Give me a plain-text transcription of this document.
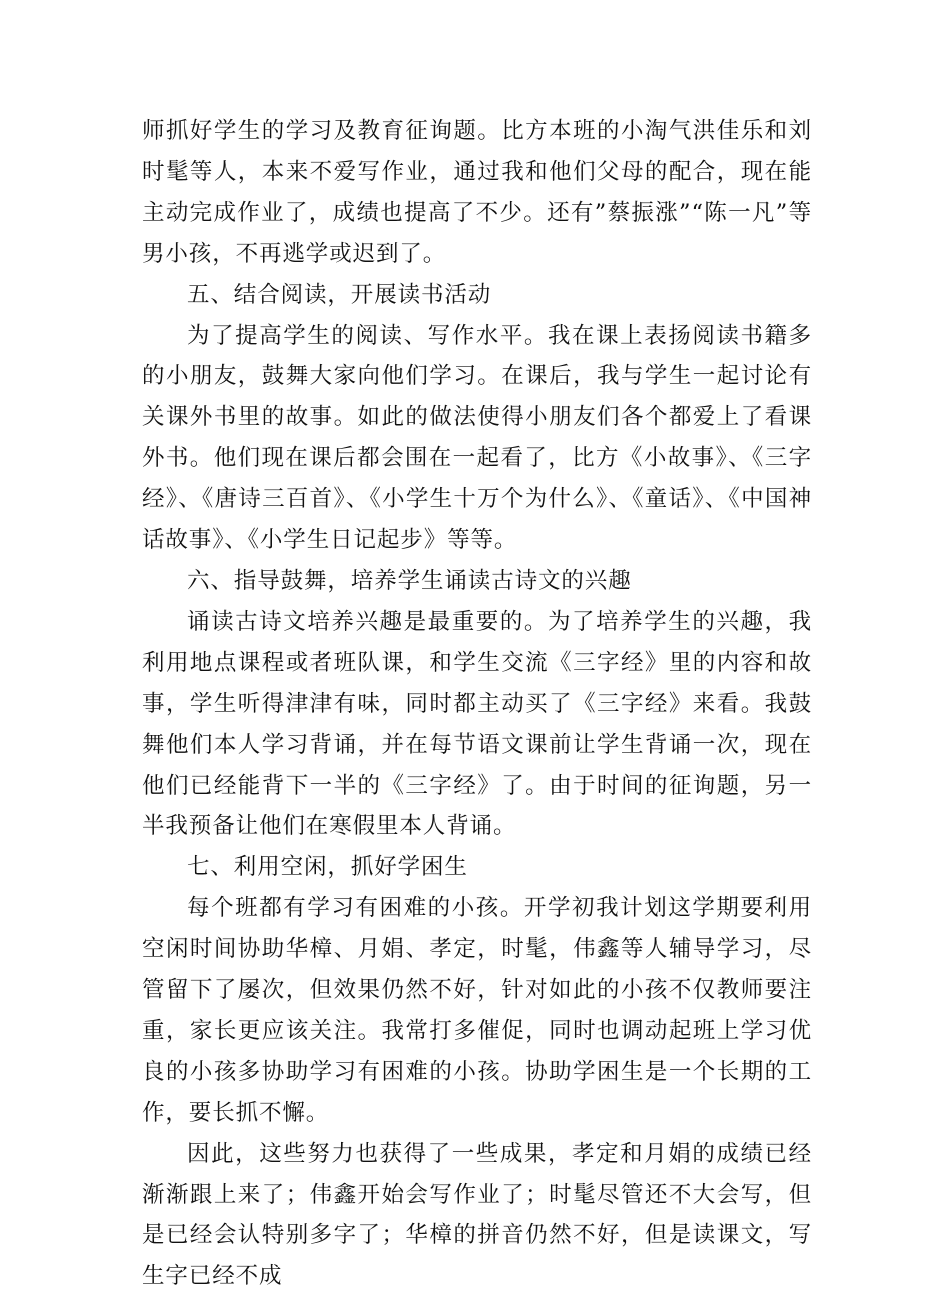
师抓好学生的学习及教育征询题。比方本班的小淘气洪佳乐和刘时髦等人，本来不爱写作业，通过我和他们父母的配合，现在能主动完成作业了，成绩也提高了不少。还有”蔡振涨”“陈一凡”等男小孩，不再逃学或迟到了。

五、结合阅读，开展读书活动

为了提高学生的阅读、写作水平。我在课上表扬阅读书籍多的小朋友，鼓舞大家向他们学习。在课后，我与学生一起讨论有关课外书里的故事。如此的做法使得小朋友们各个都爱上了看课外书。他们现在课后都会围在一起看了，比方《小故事》、《三字经》、《唐诗三百首》、《小学生十万个为什么》、《童话》、《中国神话故事》、《小学生日记起步》等等。

六、指导鼓舞，培养学生诵读古诗文的兴趣

诵读古诗文培养兴趣是最重要的。为了培养学生的兴趣，我利用地点课程或者班队课，和学生交流《三字经》里的内容和故事，学生听得津津有味，同时都主动买了《三字经》来看。我鼓舞他们本人学习背诵，并在每节语文课前让学生背诵一次，现在他们已经能背下一半的《三字经》了。由于时间的征询题，另一半我预备让他们在寒假里本人背诵。

七、利用空闲，抓好学困生

每个班都有学习有困难的小孩。开学初我计划这学期要利用空闲时间协助华樟、月娟、孝定，时髦，伟鑫等人辅导学习，尽管留下了屡次，但效果仍然不好，针对如此的小孩不仅教师要注重，家长更应该关注。我常打多催促，同时也调动起班上学习优良的小孩多协助学习有困难的小孩。协助学困生是一个长期的工作，要长抓不懈。

因此，这些努力也获得了一些成果，孝定和月娟的成绩已经渐渐跟上来了；伟鑫开始会写作业了；时髦尽管还不大会写，但是已经会认特别多字了；华樟的拼音仍然不好，但是读课文，写生字已经不成
